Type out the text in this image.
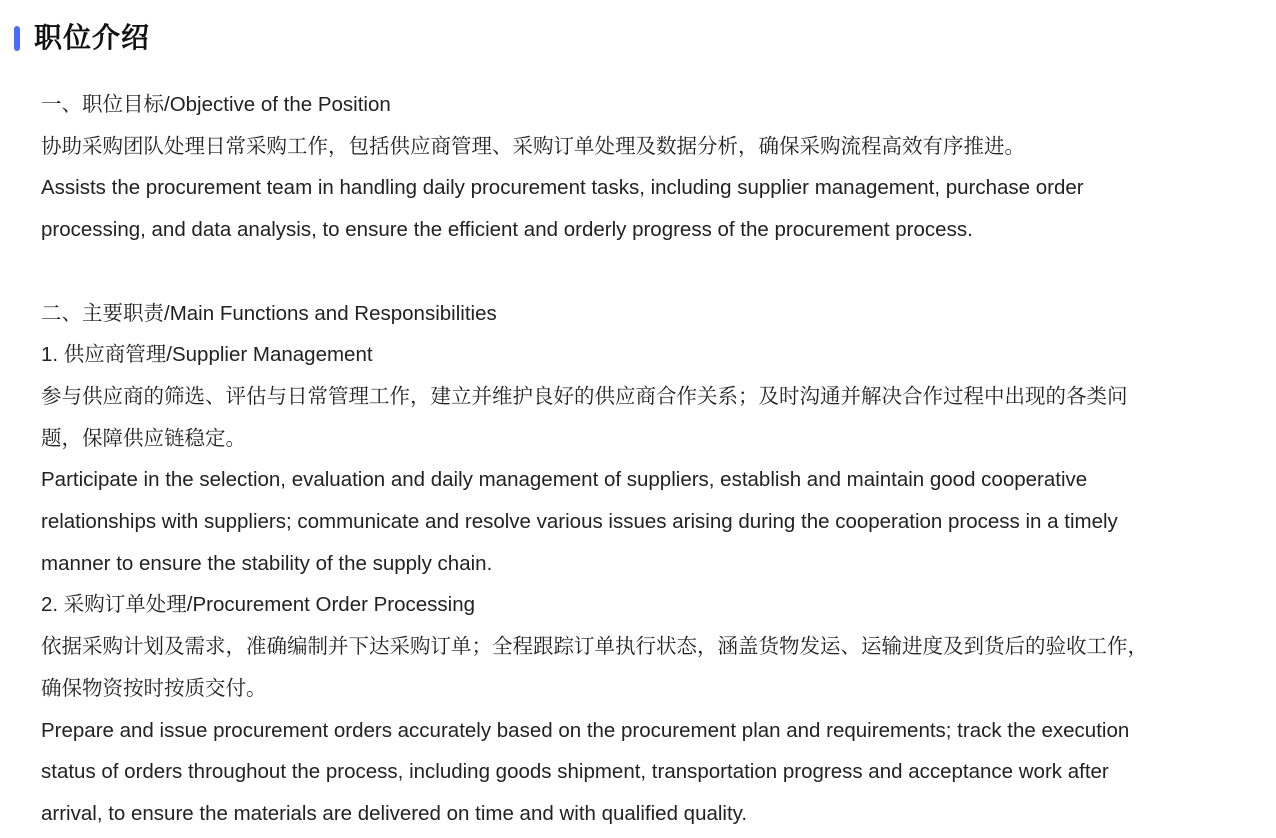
职位介绍

一、职位目标/Objective of the Position

协助采购团队处理日常采购工作，包括供应商管理、采购订单处理及数据分析，确保采购流程高效有序推进。

Assists the procurement team in handling daily procurement tasks, including supplier management, purchase order

processing, and data analysis, to ensure the efficient and orderly progress of the procurement process.

二、主要职责/Main Functions and Responsibilities

1. 供应商管理/Supplier Management

参与供应商的筛选、评估与日常管理工作，建立并维护良好的供应商合作关系；及时沟通并解决合作过程中出现的各类问

题，保障供应链稳定。

Participate in the selection, evaluation and daily management of suppliers, establish and maintain good cooperative

relationships with suppliers; communicate and resolve various issues arising during the cooperation process in a timely

manner to ensure the stability of the supply chain.

2. 采购订单处理/Procurement Order Processing

依据采购计划及需求，准确编制并下达采购订单；全程跟踪订单执行状态，涵盖货物发运、运输进度及到货后的验收工作，

确保物资按时按质交付。

Prepare and issue procurement orders accurately based on the procurement plan and requirements; track the execution

status of orders throughout the process, including goods shipment, transportation progress and acceptance work after

arrival, to ensure the materials are delivered on time and with qualified quality.
